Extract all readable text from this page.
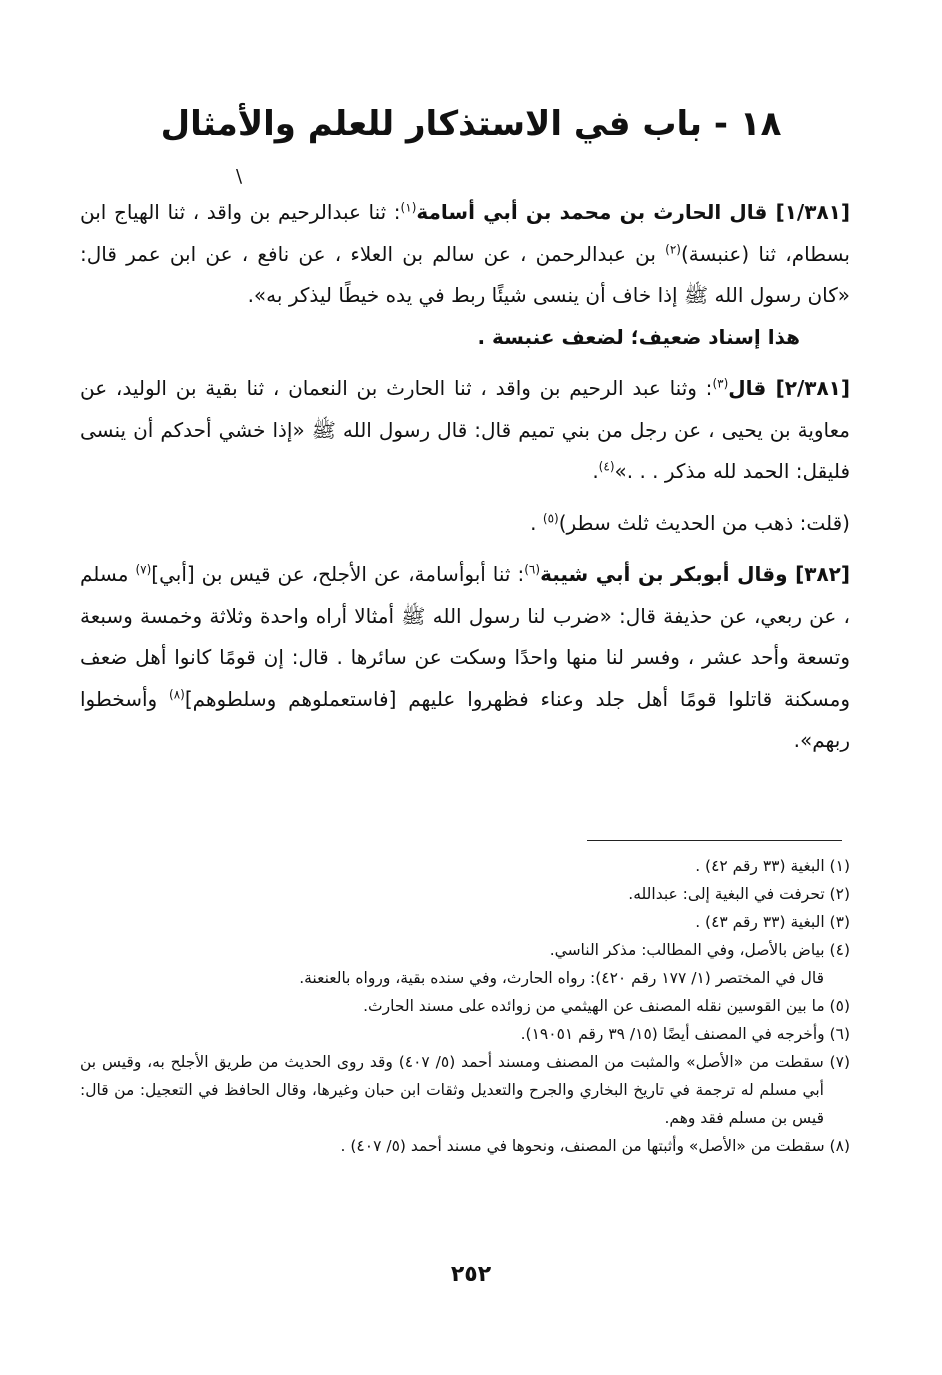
١٨ - باب في الاستذكار للعلم والأمثال
\

[١/٣٨١] قال الحارث بن محمد بن أبي أسامة$^{(١)}$: ثنا عبدالرحيم بن واقد ، ثنا الهياج ابن بسطام، ثنا (عنبسة)$^{(٢)}$ بن عبدالرحمن ، عن سالم بن العلاء ، عن نافع ، عن ابن عمر قال: «كان رسول الله ﷺ إذا خاف أن ينسى شيئًا ربط في يده خيطًا ليذكر به».

هذا إسناد ضعيف؛ لضعف عنبسة .

[٢/٣٨١] قال$^{(٣)}$: وثنا عبد الرحيم بن واقد ، ثنا الحارث بن النعمان ، ثنا بقية بن الوليد، عن معاوية بن يحيى ، عن رجل من بني تميم قال: قال رسول الله ﷺ «إذا خشي أحدكم أن ينسى فليقل: الحمد لله مذكر . . .»$^{(٤)}$.

(قلت: ذهب من الحديث ثلث سطر)$^{(٥)}$ .

[٣٨٢] وقال أبوبكر بن أبي شيبة$^{(٦)}$: ثنا أبوأسامة، عن الأجلح، عن قيس بن [أبي]$^{(٧)}$ مسلم ، عن ربعي، عن حذيفة قال: «ضرب لنا رسول الله ﷺ أمثالا أراه واحدة وثلاثة وخمسة وسبعة وتسعة وأحد عشر ، وفسر لنا منها واحدًا وسكت عن سائرها . قال: إن قومًا كانوا أهل ضعف ومسكنة قاتلوا قومًا أهل جلد وعناء فظهروا عليهم [فاستعملوهم وسلطوهم]$^{(٨)}$ وأسخطوا ربهم».

(١) البغية (٣٣ رقم ٤٢) .
(٢) تحرفت في البغية إلى: عبدالله.
(٣) البغية (٣٣ رقم ٤٣) .
(٤) بياض بالأصل، وفي المطالب: مذكر الناسي.
قال في المختصر (١/ ١٧٧ رقم ٤٢٠): رواه الحارث، وفي سنده بقية، ورواه بالعنعنة.
(٥) ما بين القوسين نقله المصنف عن الهيثمي من زوائده على مسند الحارث.
(٦) وأخرجه في المصنف أيضًا (١٥/ ٣٩ رقم ١٩٠٥١).
(٧) سقطت من «الأصل» والمثبت من المصنف ومسند أحمد (٥/ ٤٠٧) وقد روى الحديث من طريق الأجلح به، وقيس بن أبي مسلم له ترجمة في تاريخ البخاري والجرح والتعديل وثقات ابن حبان وغيرها، وقال الحافظ في التعجيل: من قال: قيس بن مسلم فقد وهم.
(٨) سقطت من «الأصل» وأثبتها من المصنف، ونحوها في مسند أحمد (٥/ ٤٠٧) .
٢٥٢
